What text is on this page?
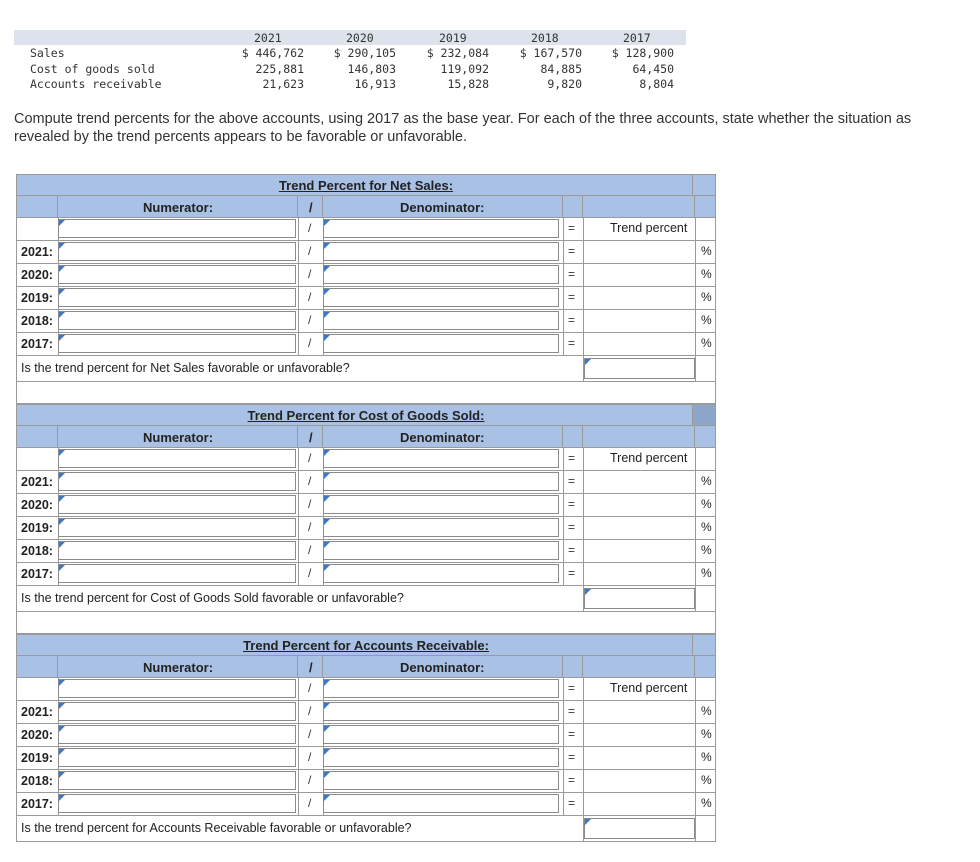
2021	2020	2019	2018	2017
Sales	$ 446,762	$ 290,105	$ 232,084	$ 167,570	$ 128,900
Cost of goods sold	225,881	146,803	119,092	84,885	64,450
Accounts receivable	21,623	16,913	15,828	9,820	8,804
Compute trend percents for the above accounts, using 2017 as the base year. For each of the three accounts, state whether the situation as revealed by the trend percents appears to be favorable or unfavorable.
Trend Percent for Net Sales:
Numerator:	/	Denominator:
/	=	Trend percent
2021:	/	=	%
2020:	/	=	%
2019:	/	=	%
2018:	/	=	%
2017:	/	=	%
Is the trend percent for Net Sales favorable or unfavorable?
Trend Percent for Cost of Goods Sold:
Numerator:	/	Denominator:
/	=	Trend percent
2021:	/	=	%
2020:	/	=	%
2019:	/	=	%
2018:	/	=	%
2017:	/	=	%
Is the trend percent for Cost of Goods Sold favorable or unfavorable?
Trend Percent for Accounts Receivable:
Numerator:	/	Denominator:
/	=	Trend percent
2021:	/	=	%
2020:	/	=	%
2019:	/	=	%
2018:	/	=	%
2017:	/	=	%
Is the trend percent for Accounts Receivable favorable or unfavorable?
